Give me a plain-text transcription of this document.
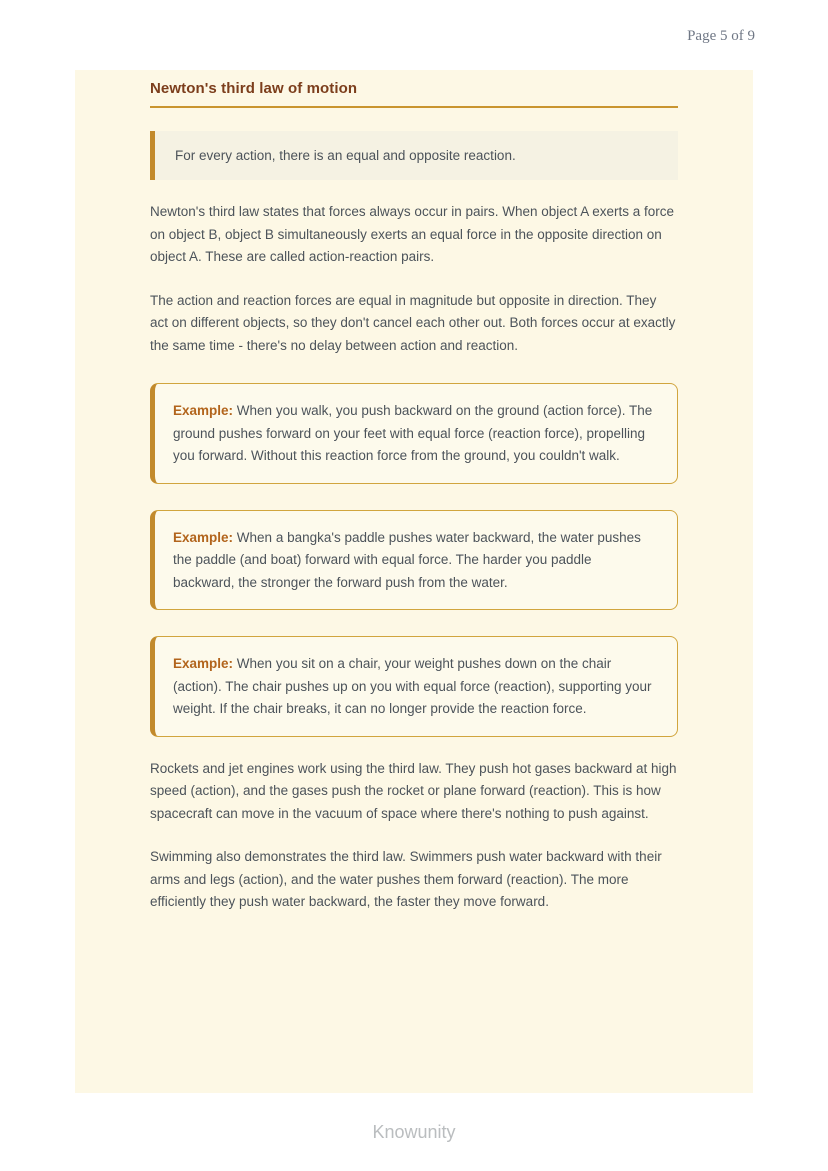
Page 5 of 9
Newton's third law of motion
For every action, there is an equal and opposite reaction.

Newton's third law states that forces always occur in pairs. When object A exerts a force on object B, object B simultaneously exerts an equal force in the opposite direction on object A. These are called action-reaction pairs.

The action and reaction forces are equal in magnitude but opposite in direction. They act on different objects, so they don't cancel each other out. Both forces occur at exactly the same time - there's no delay between action and reaction.

Example: When you walk, you push backward on the ground (action force). The ground pushes forward on your feet with equal force (reaction force), propelling you forward. Without this reaction force from the ground, you couldn't walk.
Example: When a bangka's paddle pushes water backward, the water pushes the paddle (and boat) forward with equal force. The harder you paddle backward, the stronger the forward push from the water.
Example: When you sit on a chair, your weight pushes down on the chair (action). The chair pushes up on you with equal force (reaction), supporting your weight. If the chair breaks, it can no longer provide the reaction force.

Rockets and jet engines work using the third law. They push hot gases backward at high speed (action), and the gases push the rocket or plane forward (reaction). This is how spacecraft can move in the vacuum of space where there's nothing to push against.

Swimming also demonstrates the third law. Swimmers push water backward with their arms and legs (action), and the water pushes them forward (reaction). The more efficiently they push water backward, the faster they move forward.

Knowunity
